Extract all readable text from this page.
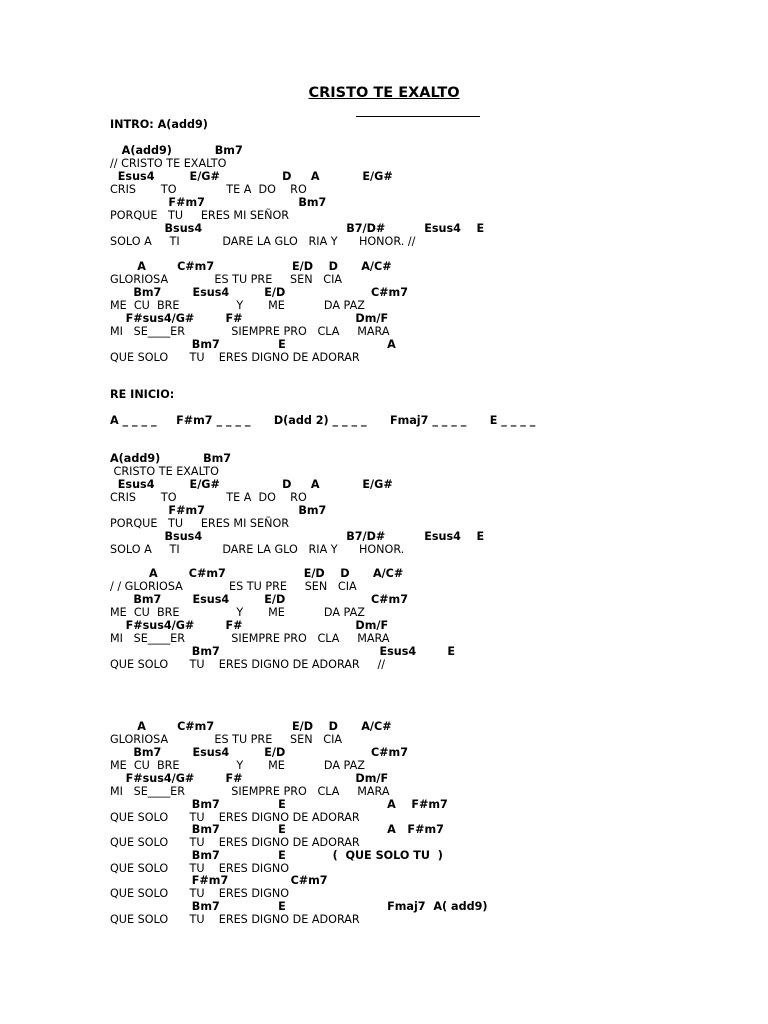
CRISTO TE EXALTO
INTRO: A(add9)
A(add9)           Bm7
// CRISTO TE EXALTO
Esus4         E/G#                D     A           E/G#
CRIS       TO              TE A  DO    RO
F#m7                        Bm7
PORQUE   TU     ERES MI SEÑOR
Bsus4                                     B7/D#          Esus4    E
SOLO A     TI            DARE LA GLO   RIA Y      HONOR. //
A        C#m7                    E/D    D      A/C#
GLORIOSA             ES TU PRE     SEN   CIA
Bm7        Esus4         E/D                      C#m7
ME  CU  BRE                Y       ME           DA PAZ
F#sus4/G#        F#                             Dm/F
MI   SE____ER             SIEMPRE PRO   CLA     MARA
Bm7               E                          A
QUE SOLO      TU    ERES DIGNO DE ADORAR
RE INICIO:
A _ _ _ _     F#m7 _ _ _ _      D(add 2) _ _ _ _      Fmaj7 _ _ _ _      E _ _ _ _
A(add9)           Bm7
CRISTO TE EXALTO
Esus4         E/G#                D     A           E/G#
CRIS       TO              TE A  DO    RO
F#m7                        Bm7
PORQUE   TU     ERES MI SEÑOR
Bsus4                                     B7/D#          Esus4    E
SOLO A     TI            DARE LA GLO   RIA Y      HONOR.
A        C#m7                    E/D    D      A/C#
/ / GLORIOSA             ES TU PRE     SEN   CIA
Bm7        Esus4         E/D                      C#m7
ME  CU  BRE                Y       ME           DA PAZ
F#sus4/G#        F#                             Dm/F
MI   SE____ER             SIEMPRE PRO   CLA     MARA
Bm7                                         Esus4        E
QUE SOLO      TU    ERES DIGNO DE ADORAR     //
A        C#m7                    E/D    D      A/C#
GLORIOSA             ES TU PRE     SEN   CIA
Bm7        Esus4         E/D                      C#m7
ME  CU  BRE                Y       ME           DA PAZ
F#sus4/G#        F#                             Dm/F
MI   SE____ER             SIEMPRE PRO   CLA     MARA
Bm7               E                          A    F#m7
QUE SOLO      TU    ERES DIGNO DE ADORAR
Bm7               E                          A   F#m7
QUE SOLO      TU    ERES DIGNO DE ADORAR
Bm7               E            (  QUE SOLO TU  )
QUE SOLO      TU    ERES DIGNO
F#m7                C#m7
QUE SOLO      TU    ERES DIGNO
Bm7               E                          Fmaj7  A( add9)
QUE SOLO      TU    ERES DIGNO DE ADORAR
